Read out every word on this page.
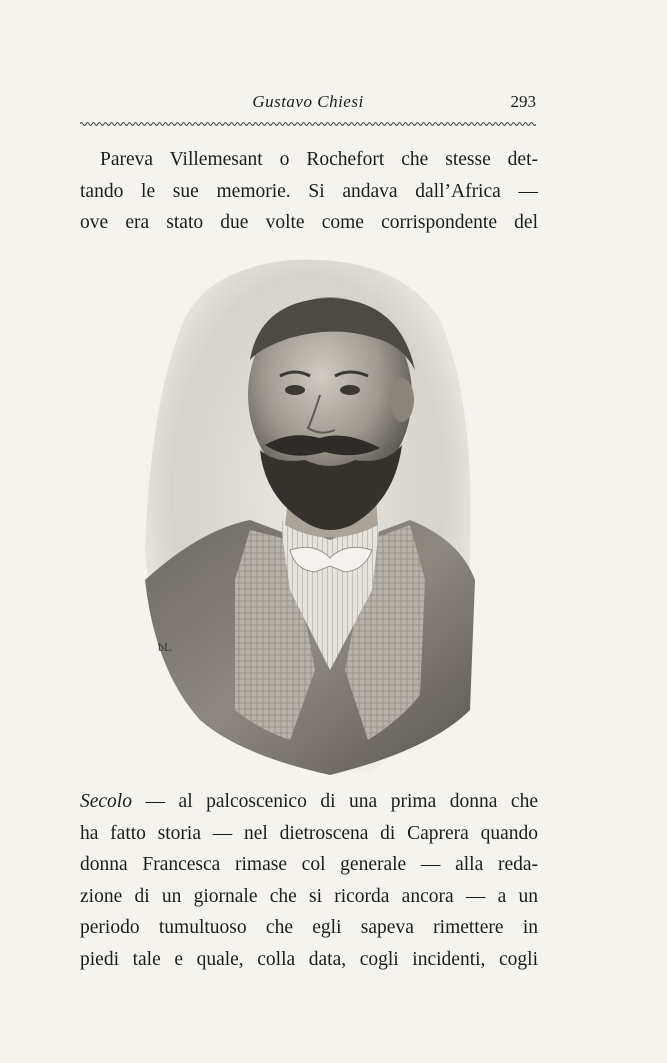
Gustavo Chiesi	293
Pareva Villemesant o Rochefort che stesse det-
tando le sue memorie. Si andava dall’Africa —
ove era stato due volte come corrispondente del
ƀL
Secolo — al palcoscenico di una prima donna che
ha fatto storia — nel dietroscena di Caprera quando
donna Francesca rimase col generale — alla reda-
zione di un giornale che si ricorda ancora — a un
periodo tumultuoso che egli sapeva rimettere in
piedi tale e quale, colla data, cogli incidenti, cogli
